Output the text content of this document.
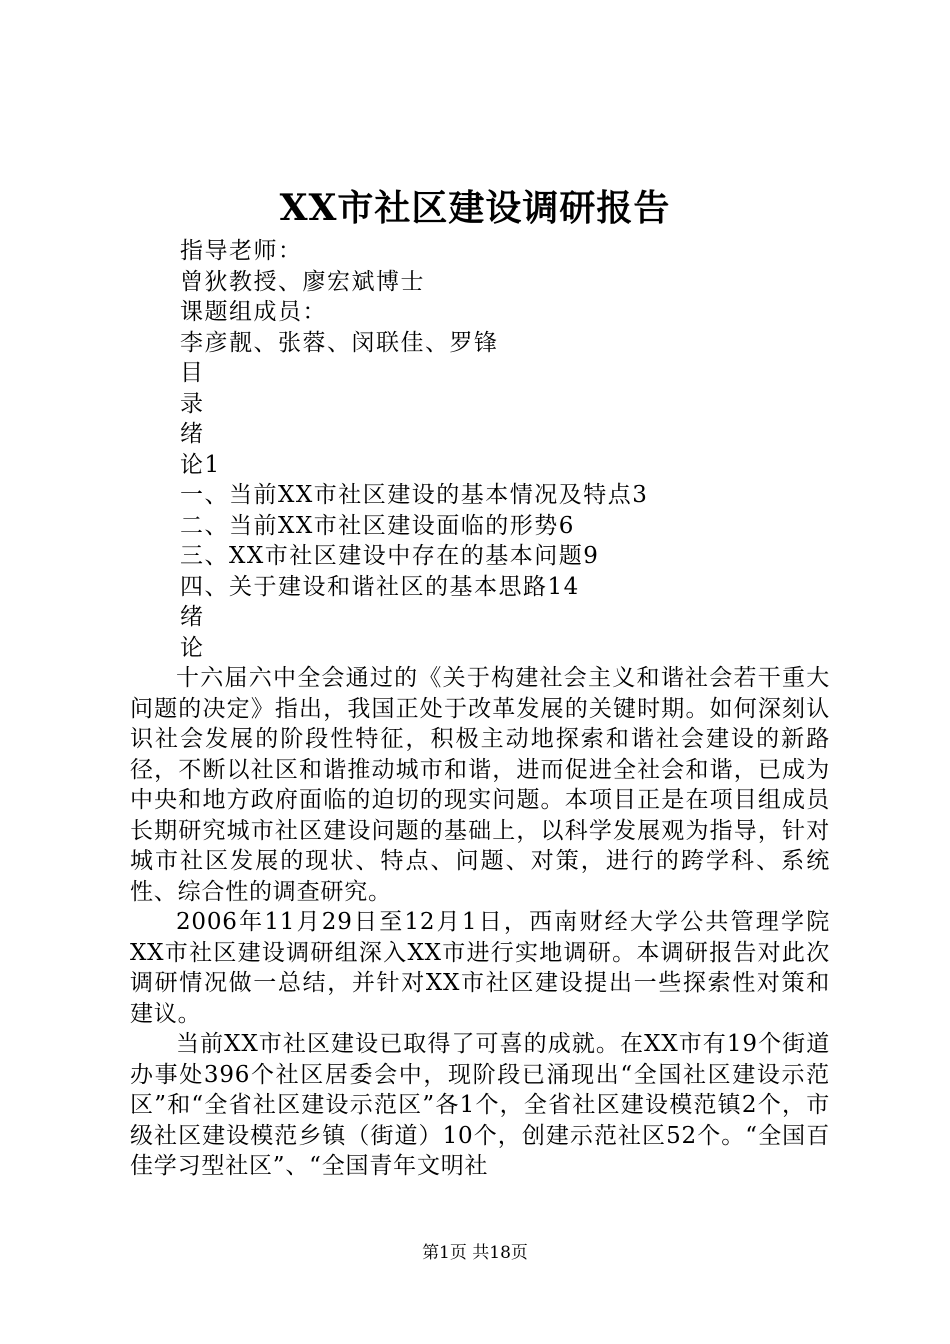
XX市社区建设调研报告

指导老师：

曾狄教授、廖宏斌博士

课题组成员：

李彦靓、张蓉、闵联佳、罗锋

目

录

绪

论1

一、当前XX市社区建设的基本情况及特点3

二、当前XX市社区建设面临的形势6

三、XX市社区建设中存在的基本问题9

四、关于建设和谐社区的基本思路14

绪

论

十六届六中全会通过的《关于构建社会主义和谐社会若干重大问题的决定》指出，我国正处于改革发展的关键时期。如何深刻认识社会发展的阶段性特征，积极主动地探索和谐社会建设的新路径，不断以社区和谐推动城市和谐，进而促进全社会和谐，已成为中央和地方政府面临的迫切的现实问题。本项目正是在项目组成员长期研究城市社区建设问题的基础上，以科学发展观为指导，针对城市社区发展的现状、特点、问题、对策，进行的跨学科、系统性、综合性的调查研究。

2006年11月29日至12月1日，西南财经大学公共管理学院XX市社区建设调研组深入XX市进行实地调研。本调研报告对此次调研情况做一总结，并针对XX市社区建设提出一些探索性对策和建议。

当前XX市社区建设已取得了可喜的成就。在XX市有19个街道办事处396个社区居委会中，现阶段已涌现出“全国社区建设示范区”和“全省社区建设示范区”各1个，全省社区建设模范镇2个，市级社区建设模范乡镇（街道）10个，创建示范社区52个。“全国百佳学习型社区”、“全国青年文明社

第1页 共18页
